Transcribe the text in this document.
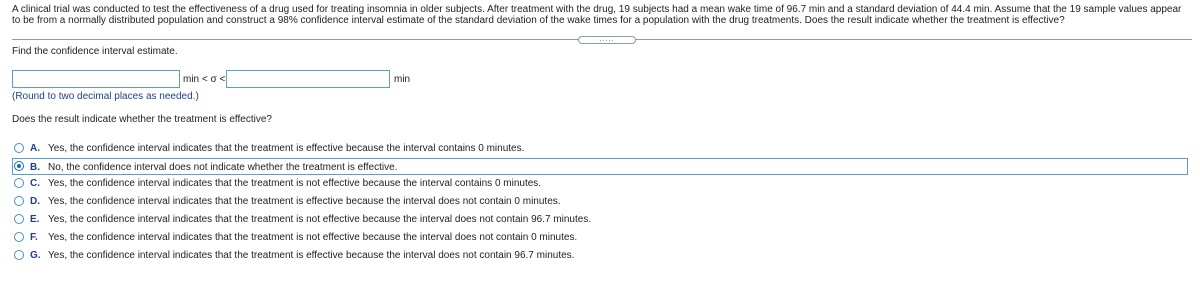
A clinical trial was conducted to test the effectiveness of a drug used for treating insomnia in older subjects. After treatment with the drug, 19 subjects had a mean wake time of 96.7 min and a standard deviation of 44.4 min. Assume that the 19 sample values appear to be from a normally distributed population and construct a 98% confidence interval estimate of the standard deviation of the wake times for a population with the drug treatments. Does the result indicate whether the treatment is effective?
.....
Find the confidence interval estimate.
min < σ <	min
(Round to two decimal places as needed.)
Does the result indicate whether the treatment is effective?
A. Yes, the confidence interval indicates that the treatment is effective because the interval contains 0 minutes.
B. No, the confidence interval does not indicate whether the treatment is effective.
C. Yes, the confidence interval indicates that the treatment is not effective because the interval contains 0 minutes.
D. Yes, the confidence interval indicates that the treatment is effective because the interval does not contain 0 minutes.
E. Yes, the confidence interval indicates that the treatment is not effective because the interval does not contain 96.7 minutes.
F. Yes, the confidence interval indicates that the treatment is not effective because the interval does not contain 0 minutes.
G. Yes, the confidence interval indicates that the treatment is effective because the interval does not contain 96.7 minutes.
